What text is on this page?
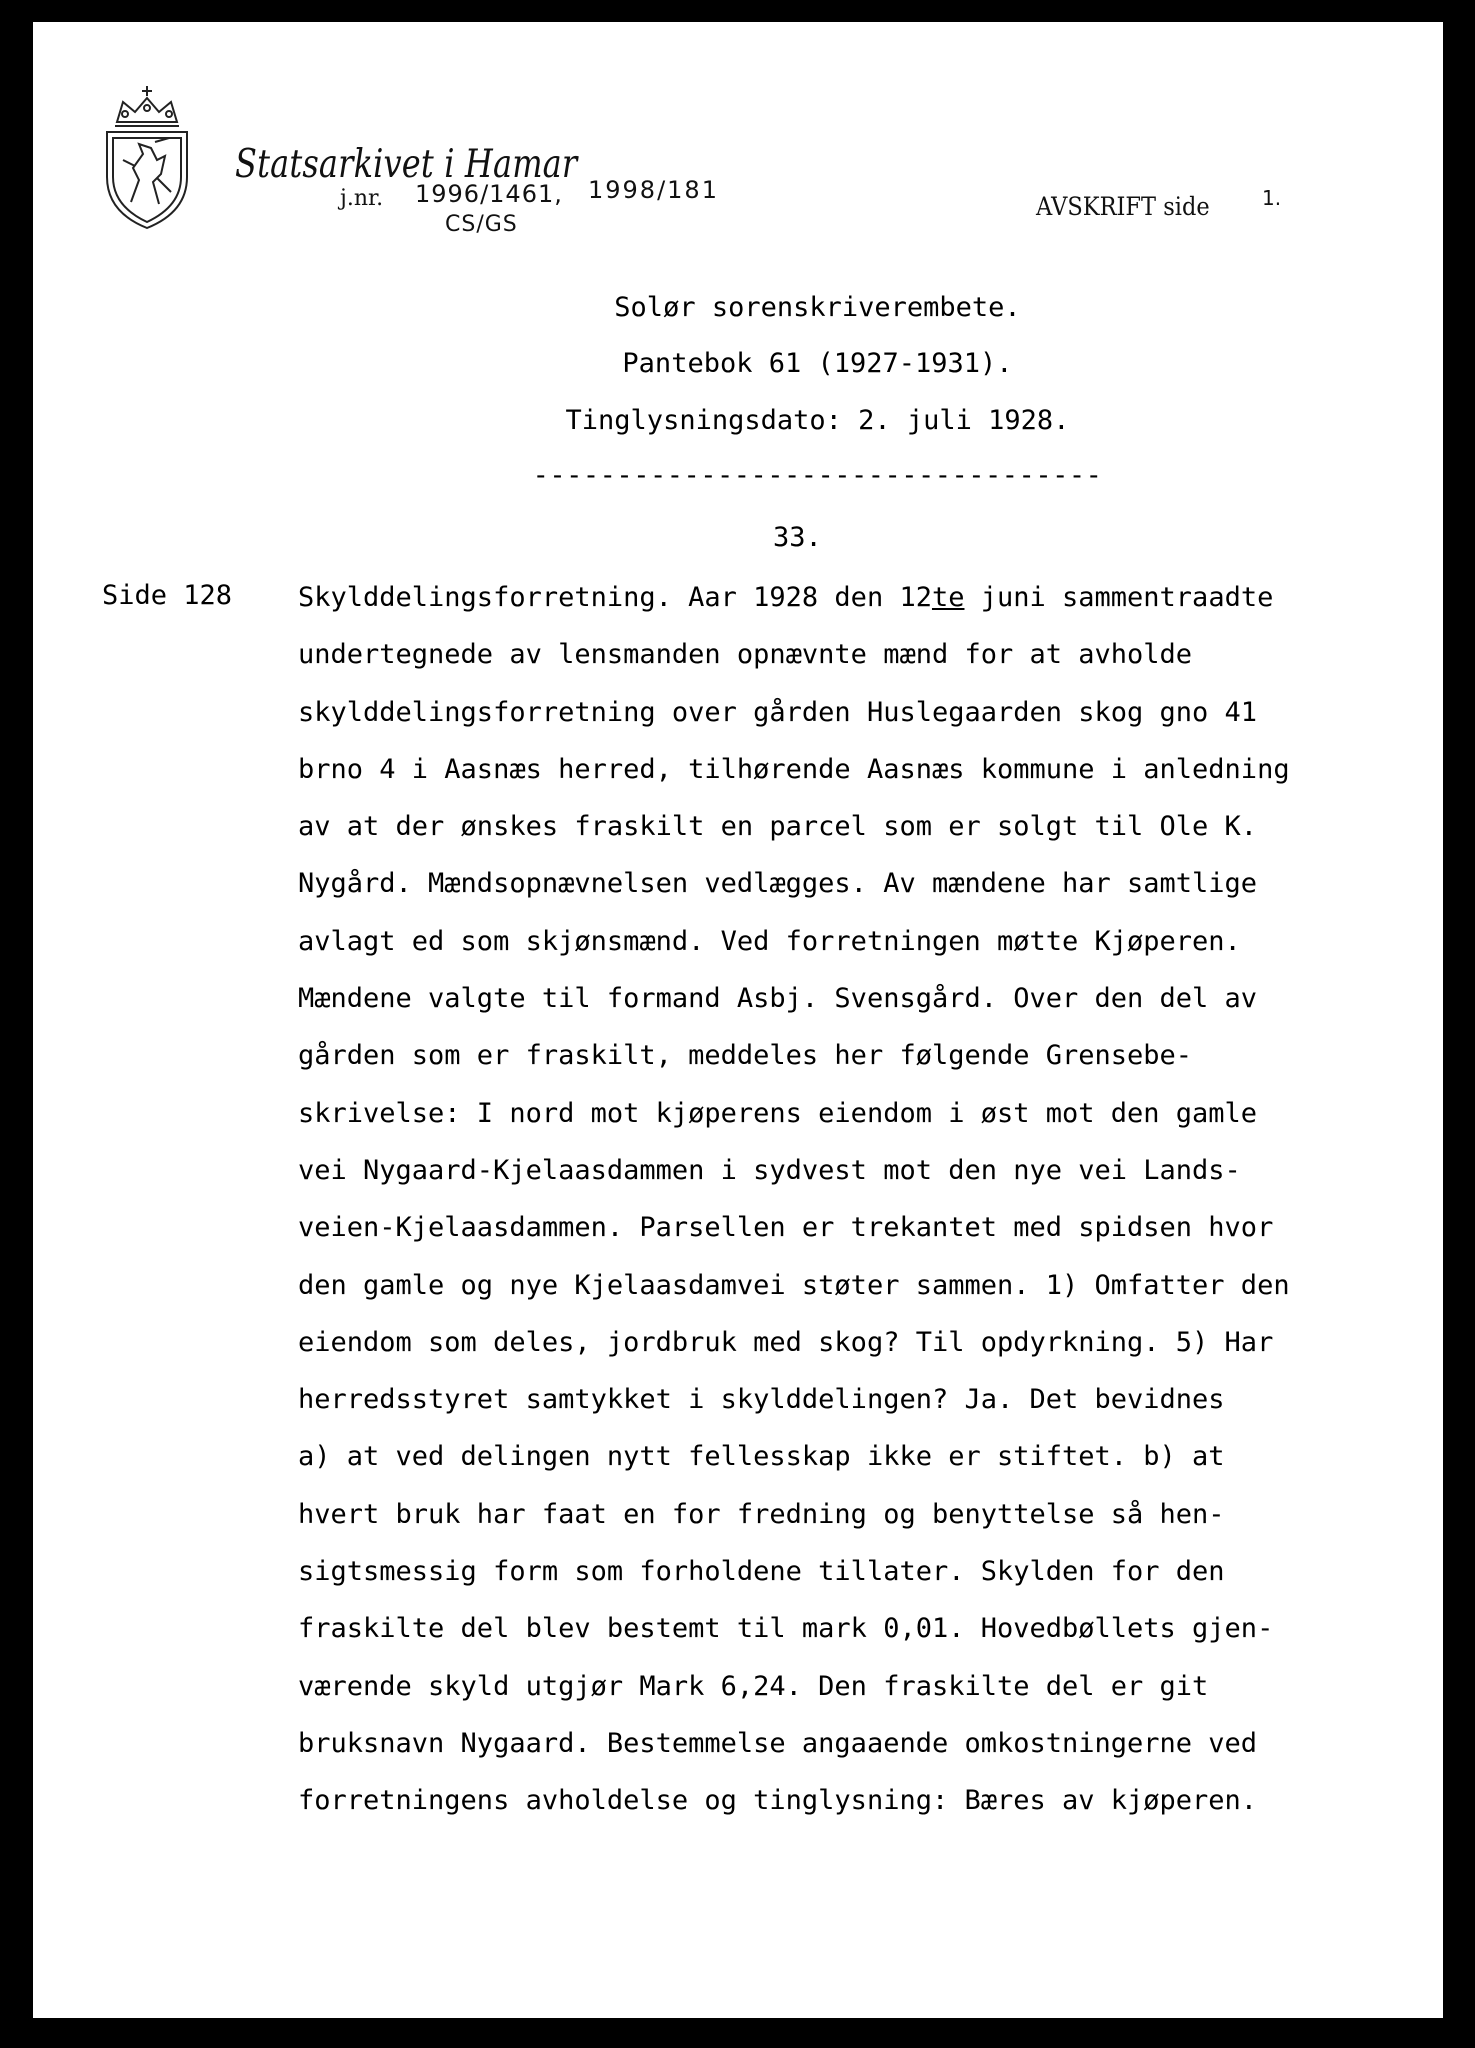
Statsarkivet i Hamar
j.nr. 1996/1461, 1998/181
CS/GS
AVSKRIFT side	1.
Solør sorenskriverembete.
Pantebok 61 (1927-1931).
Tinglysningsdato: 2. juli 1928.
----------------------------------
33.
Side 128 Skylddelingsforretning. Aar 1928 den 12te juni sammentraadte
undertegnede av lensmanden opnævnte mænd for at avholde
skylddelingsforretning over gården Huslegaarden skog gno 41
brno 4 i Aasnæs herred, tilhørende Aasnæs kommune i anledning
av at der ønskes fraskilt en parcel som er solgt til Ole K.
Nygård. Mændsopnævnelsen vedlægges. Av mændene har samtlige
avlagt ed som skjønsmænd. Ved forretningen møtte Kjøperen.
Mændene valgte til formand Asbj. Svensgård. Over den del av
gården som er fraskilt, meddeles her følgende Grensebe-
skrivelse: I nord mot kjøperens eiendom i øst mot den gamle
vei Nygaard-Kjelaasdammen i sydvest mot den nye vei Lands-
veien-Kjelaasdammen. Parsellen er trekantet med spidsen hvor
den gamle og nye Kjelaasdamvei støter sammen. 1) Omfatter den
eiendom som deles, jordbruk med skog? Til opdyrkning. 5) Har
herredsstyret samtykket i skylddelingen? Ja. Det bevidnes
a) at ved delingen nytt fellesskap ikke er stiftet. b) at
hvert bruk har faat en for fredning og benyttelse så hen-
sigtsmessig form som forholdene tillater. Skylden for den
fraskilte del blev bestemt til mark 0,01. Hovedbøllets gjen-
værende skyld utgjør Mark 6,24. Den fraskilte del er git
bruksnavn Nygaard. Bestemmelse angaaende omkostningerne ved
forretningens avholdelse og tinglysning: Bæres av kjøperen.
